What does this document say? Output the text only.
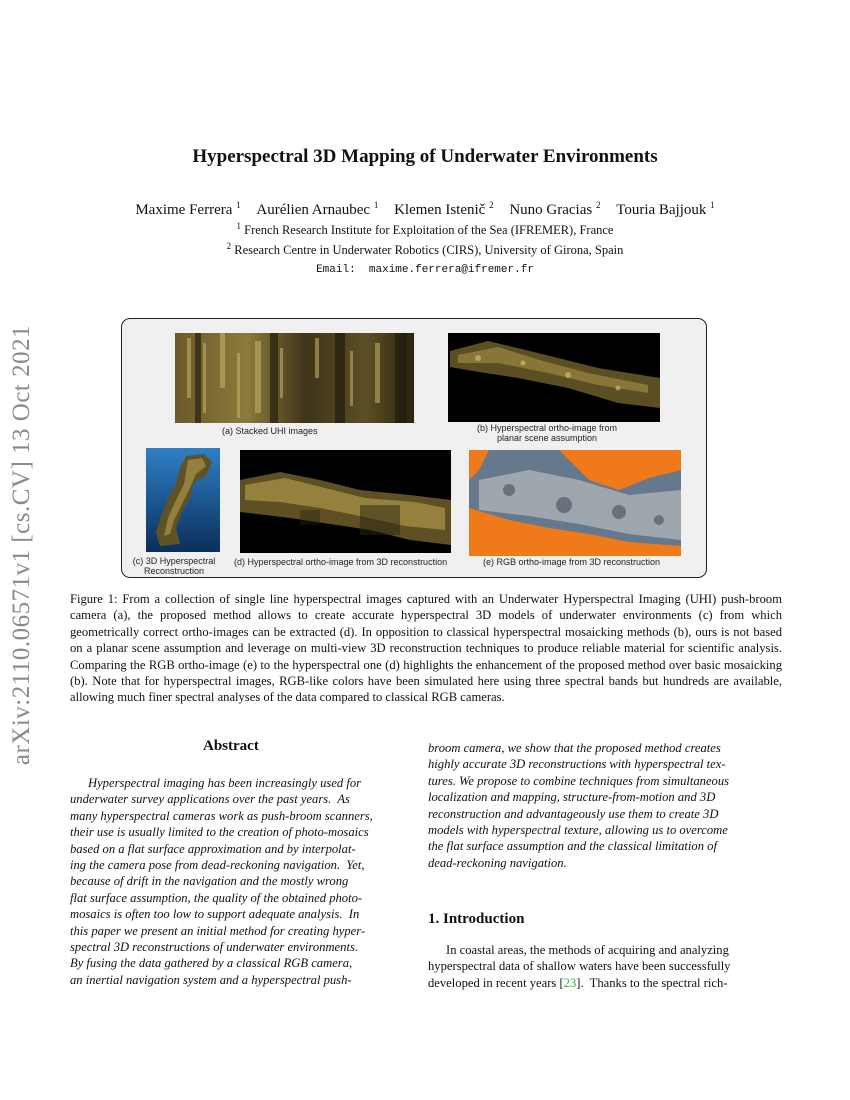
Hyperspectral 3D Mapping of Underwater Environments
Maxime Ferrera $^1$ Aurélien Arnaubec $^1$ Klemen Istenič $^2$ Nuno Gracias $^2$ Touria Bajjouk $^1$
$^1$ French Research Institute for Exploitation of the Sea (IFREMER), France
$^2$ Research Centre in Underwater Robotics (CIRS), University of Girona, Spain
Email:  maxime.ferrera@ifremer.fr
arXiv:2110.06571v1 [cs.CV] 13 Oct 2021	(a) Stacked UHI images	(b) Hyperspectral ortho-image from
planar scene assumption
(c) 3D Hyperspectral
Reconstruction
(d) Hyperspectral ortho-image from 3D reconstruction	(e) RGB ortho-image from 3D reconstruction
Figure 1: From a collection of single line hyperspectral images captured with an Underwater Hyperspectral Imaging (UHI) push-broom camera (a), the proposed method allows to create accurate hyperspectral 3D models of underwater environments (c) from which geometrically correct ortho-images can be extracted (d). In opposition to classical hyperspectral mosaicking methods (b), ours is not based on a planar scene assumption and leverage on multi-view 3D reconstruction techniques to produce reliable material for scientific analysis. Comparing the RGB ortho-image (e) to the hyperspectral one (d) highlights the enhancement of the proposed method over basic mosaicking (b). Note that for hyperspectral images, RGB-like colors have been simulated here using three spectral bands but hundreds are available, allowing much finer spectral analyses of the data compared to classical RGB cameras.
Abstract
Hyperspectral imaging has been increasingly used for
underwater survey applications over the past years.  As
many hyperspectral cameras work as push-broom scanners,
their use is usually limited to the creation of photo-mosaics
based on a flat surface approximation and by interpolat-
ing the camera pose from dead-reckoning navigation.  Yet,
because of drift in the navigation and the mostly wrong
flat surface assumption, the quality of the obtained photo-
mosaics is often too low to support adequate analysis.  In
this paper we present an initial method for creating hyper-
spectral 3D reconstructions of underwater environments.
By fusing the data gathered by a classical RGB camera,
an inertial navigation system and a hyperspectral push-
broom camera, we show that the proposed method creates
highly accurate 3D reconstructions with hyperspectral tex-
tures. We propose to combine techniques from simultaneous
localization and mapping, structure-from-motion and 3D
reconstruction and advantageously use them to create 3D
models with hyperspectral texture, allowing us to overcome
the flat surface assumption and the classical limitation of
dead-reckoning navigation.
1. Introduction
In coastal areas, the methods of acquiring and analyzing
hyperspectral data of shallow waters have been successfully
developed in recent years [23].  Thanks to the spectral rich-
